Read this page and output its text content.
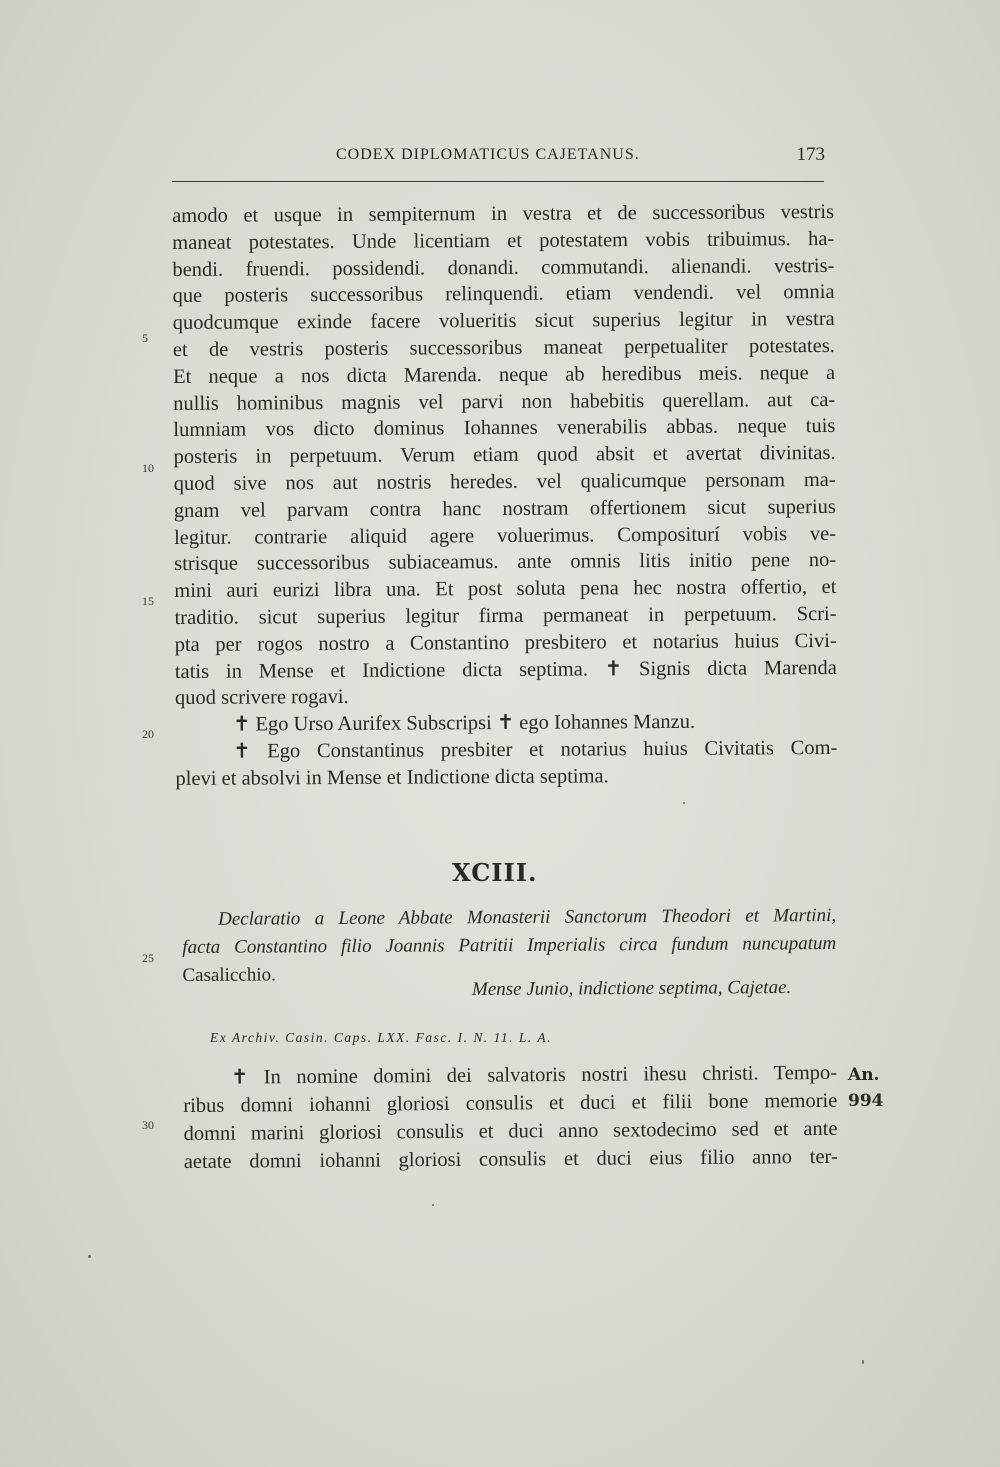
CODEX DIPLOMATICUS CAJETANUS.	173
5
10
15
20
25
30
amodo et usque in sempiternum in vestra et de successoribus vestris
maneat potestates. Unde licentiam et potestatem vobis tribuimus. ha-
bendi. fruendi. possidendi. donandi. commutandi. alienandi. vestris-
que posteris successoribus relinquendi. etiam vendendi. vel omnia
quodcumque exinde facere volueritis sicut superius legitur in vestra
et de vestris posteris successoribus maneat perpetualiter potestates.
Et neque a nos dicta Marenda. neque ab heredibus meis. neque a
nullis hominibus magnis vel parvi non habebitis querellam. aut ca-
lumniam vos dicto dominus Iohannes venerabilis abbas. neque tuis
posteris in perpetuum. Verum etiam quod absit et avertat divinitas.
quod sive nos aut nostris heredes. vel qualicumque personam ma-
gnam vel parvam contra hanc nostram offertionem sicut superius
legitur. contrarie aliquid agere voluerimus. Compositurí vobis ve-
strisque successoribus subiaceamus. ante omnis litis initio pene no-
mini auri eurizi libra una. Et post soluta pena hec nostra offertio, et
traditio. sicut superius legitur firma permaneat in perpetuum. Scri-
pta per rogos nostro a Constantino presbitero et notarius huius Civi-
tatis in Mense et Indictione dicta septima. ✝ Signis dicta Marenda
quod scrivere rogavi.
✝ Ego Urso Aurifex Subscripsi ✝ ego Iohannes Manzu.
✝ Ego Constantinus presbiter et notarius huius Civitatis Com-
plevi et absolvi in Mense et Indictione dicta septima.
XCIII.
Declaratio a Leone Abbate Monasterii Sanctorum Theodori et Martini,
facta Constantino filio Joannis Patritii Imperialis circa fundum nuncupatum
Casalicchio.
Mense Junio, indictione septima, Cajetae.
Ex Archiv. Casin. Caps. LXX. Fasc. I. N. 11. L. A.
✝ In nomine domini dei salvatoris nostri ihesu christi. Tempo-
ribus domni iohanni gloriosi consulis et duci et filii bone memorie
domni marini gloriosi consulis et duci anno sextodecimo sed et ante
aetate domni iohanni gloriosi consulis et duci eius filio anno ter-
An.
994
